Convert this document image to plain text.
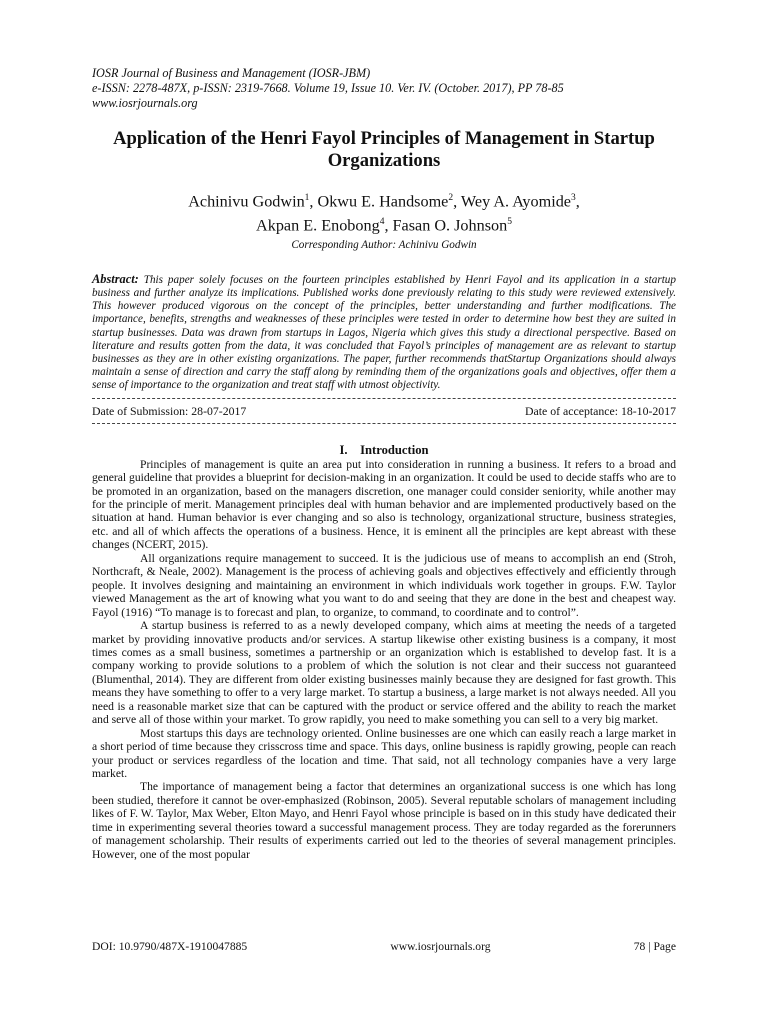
IOSR Journal of Business and Management (IOSR-JBM)
e-ISSN: 2278-487X, p-ISSN: 2319-7668. Volume 19, Issue 10. Ver. IV. (October. 2017), PP 78-85
www.iosrjournals.org
Application of the Henri Fayol Principles of Management in Startup Organizations
Achinivu Godwin$^1$, Okwu E. Handsome$^2$, Wey A. Ayomide$^3$,
Akpan E. Enobong$^4$, Fasan O. Johnson$^5$
Corresponding Author: Achinivu Godwin
Abstract: This paper solely focuses on the fourteen principles established by Henri Fayol and its application in a startup business and further analyze its implications. Published works done previously relating to this study were reviewed extensively. This however produced vigorous on the concept of the principles, better understanding and further modifications. The importance, benefits, strengths and weaknesses of these principles were tested in order to determine how best they are suited in startup businesses. Data was drawn from startups in Lagos, Nigeria which gives this study a directional perspective. Based on literature and results gotten from the data, it was concluded that Fayol’s principles of management are as relevant to startup businesses as they are in other existing organizations. The paper, further recommends thatStartup Organizations should always maintain a sense of direction and carry the staff along by reminding them of the organizations goals and objectives, offer them a sense of importance to the organization and treat staff with utmost objectivity.
Date of Submission: 28-07-2017	Date of acceptance: 18-10-2017
I.    Introduction

Principles of management is quite an area put into consideration in running a business. It refers to a broad and general guideline that provides a blueprint for decision-making in an organization. It could be used to decide staffs who are to be promoted in an organization, based on the managers discretion, one manager could consider seniority, while another may for the principle of merit. Management principles deal with human behavior and are implemented productively based on the situation at hand. Human behavior is ever changing and so also is technology, organizational structure, business strategies, etc. and all of which affects the operations of a business. Hence, it is eminent all the principles are kept abreast with these changes (NCERT, 2015).

All organizations require management to succeed. It is the judicious use of means to accomplish an end (Stroh, Northcraft, & Neale, 2002). Management is the process of achieving goals and objectives effectively and efficiently through people. It involves designing and maintaining an environment in which individuals work together in groups. F.W. Taylor viewed Management as the art of knowing what you want to do and seeing that they are done in the best and cheapest way. Fayol (1916) “To manage is to forecast and plan, to organize, to command, to coordinate and to control”.

A startup business is referred to as a newly developed company, which aims at meeting the needs of a targeted market by providing innovative products and/or services. A startup likewise other existing business is a company, it most times comes as a small business, sometimes a partnership or an organization which is established to develop fast. It is a company working to provide solutions to a problem of which the solution is not clear and their success not guaranteed (Blumenthal, 2014). They are different from older existing businesses mainly because they are designed for fast growth. This means they have something to offer to a very large market. To startup a business, a large market is not always needed. All you need is a reasonable market size that can be captured with the product or service offered and the ability to reach the market and serve all of those within your market. To grow rapidly, you need to make something you can sell to a very big market.

Most startups this days are technology oriented. Online businesses are one which can easily reach a large market in a short period of time because they crisscross time and space. This days, online business is rapidly growing, people can reach your product or services regardless of the location and time. That said, not all technology companies have a very large market.

The importance of management being a factor that determines an organizational success is one which has long been studied, therefore it cannot be over-emphasized (Robinson, 2005). Several reputable scholars of management including likes of F. W. Taylor, Max Weber, Elton Mayo, and Henri Fayol whose principle is based on in this study have dedicated their time in experimenting several theories toward a successful management process. They are today regarded as the forerunners of management scholarship. Their results of experiments carried out led to the theories of several management principles. However, one of the most popular

DOI: 10.9790/487X-1910047885	www.iosrjournals.org	78 | Page
